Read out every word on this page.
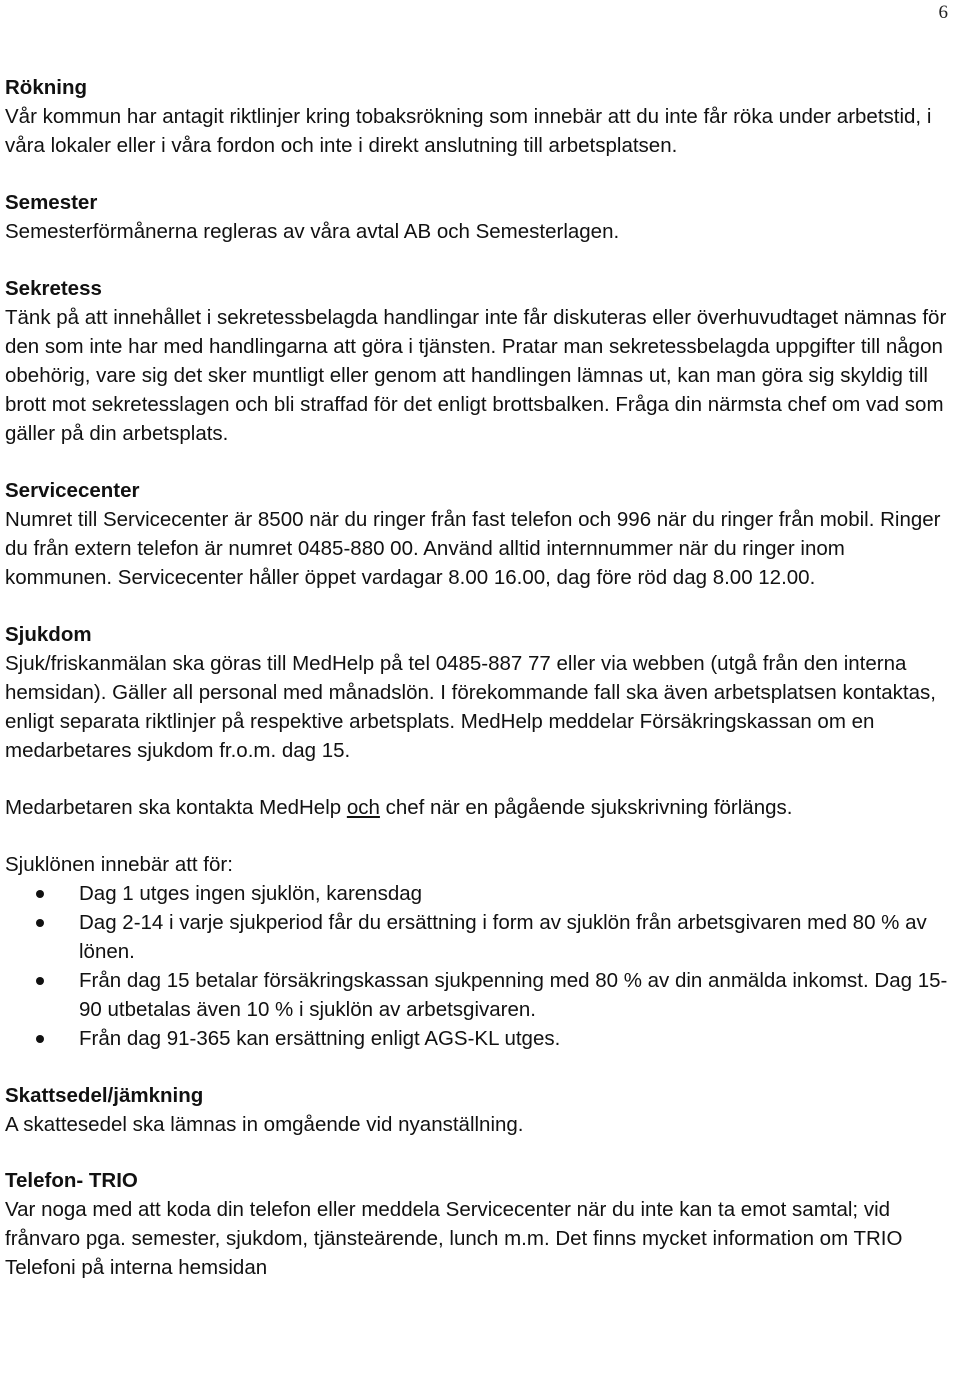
6
Rökning
Vår kommun har antagit riktlinjer kring tobaksrökning som innebär att du inte får röka under arbetstid, i våra lokaler eller i våra fordon och inte i direkt anslutning till arbetsplatsen.
Semester
Semesterförmånerna regleras av våra avtal AB och Semesterlagen.
Sekretess
Tänk på att innehållet i sekretessbelagda handlingar inte får diskuteras eller överhuvudtaget nämnas för den som inte har med handlingarna att göra i tjänsten. Pratar man sekretessbelagda uppgifter till någon obehörig, vare sig det sker muntligt eller genom att handlingen lämnas ut, kan man göra sig skyldig till brott mot sekretesslagen och bli straffad för det enligt brottsbalken. Fråga din närmsta chef om vad som gäller på din arbetsplats.
Servicecenter
Numret till Servicecenter är 8500 när du ringer från fast telefon och 996 när du ringer från mobil. Ringer du från extern telefon är numret 0485-880 00. Använd alltid internnummer när du ringer inom kommunen. Servicecenter håller öppet vardagar 8.00 16.00, dag före röd dag 8.00 12.00.
Sjukdom
Sjuk/friskanmälan ska göras till MedHelp på tel 0485-887 77 eller via webben (utgå från den interna hemsidan). Gäller all personal med månadslön. I förekommande fall ska även arbetsplatsen kontaktas, enligt separata riktlinjer på respektive arbetsplats. MedHelp meddelar Försäkringskassan om en medarbetares sjukdom fr.o.m. dag 15.
Medarbetaren ska kontakta MedHelp och chef när en pågående sjukskrivning förlängs.
Sjuklönen innebär att för:
Dag 1 utges ingen sjuklön, karensdag
Dag 2-14 i varje sjukperiod får du ersättning i form av sjuklön från arbetsgivaren med 80 % av lönen.
Från dag 15 betalar försäkringskassan sjukpenning med 80 % av din anmälda inkomst. Dag 15-90 utbetalas även 10 % i sjuklön av arbetsgivaren.
Från dag 91-365 kan ersättning enligt AGS-KL utges.
Skattsedel/jämkning
A skattesedel ska lämnas in omgående vid nyanställning.
Telefon- TRIO
Var noga med att koda din telefon eller meddela Servicecenter när du inte kan ta emot samtal; vid frånvaro pga. semester, sjukdom, tjänsteärende, lunch m.m. Det finns mycket information om TRIO Telefoni på interna hemsidan
